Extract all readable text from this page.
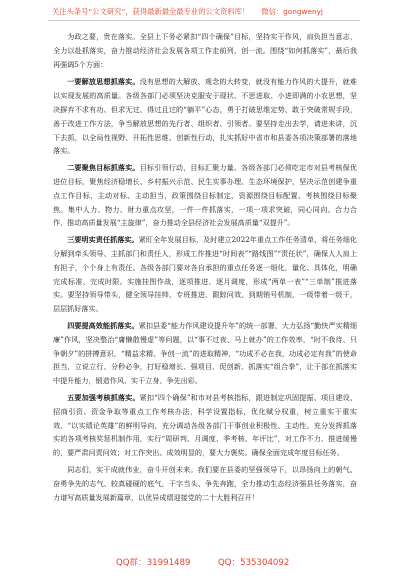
关注头条号“公文研究”，获得最新最全最专业的公文资料库！ 微信：gongwenyj

为政之要，贵在落实。全县上下务必紧扣“四个确保”目标，坚持实干作风，肩负担当意志，全力以赴抓落实，奋力推动经济社会发展各项工作走前列、创一流。围绕“如何抓落实”，最后我再强调5个方面：

一要解放思想抓落实。没有思想的大解放、观念的大转变，就没有能力作风的大提升，就难以实现发展的高质量。各级各部门必须坚决克服安于现状、不思进取、小进即满的小农思想，坚决摒弃不求有功、但求无过、得过且过的“躺平”心态，勇于打破思维定势、敢于突破常规手段，善于改进工作方法，争当解放思想的先行者、组织者、引领者。要坚持走出去学，请进来讲，沉下去抓，以全局性视野、开拓性思维、创新性行动，扎实抓好中省市和县委各项决策部署的落地落实。

二要聚焦目标抓落实。目标引领行动，目标汇聚力量。各级各部门必须吃定市对县考核保优进位目标，聚焦经济稳增长、乡村振兴示范、民生实事办理、生态环境保护，坚决示范创建争重点工作目标，主动对标、主动担当，政策围绕目标制定、资源围绕目标配置、考核围绕目标聚焦。集中人力、物力、财力重点攻坚，一件一件抓落实，一项一项求突破，同心同向、合力合作，推动高质量发展“主旋律”，奋力推动全县经济社会发展高质量“双提升”。

三要明实责任抓落实。紧盯全年发展目标，及时建立2022年重点工作任务清单，将任务细化分解到牵头领导、主抓部门和责任人，形成工作推进“时间表”“路线图”“责任状”，确保人人肩上有担子，个个身上有责任。各级各部门要对各自承担的重点任务逐一细化，量化、具体化，明确完成标准、完成时限。实施挂图作战，逐项推进、逐月调度，形成“两单一表”“三单制”推进落实。要坚持领导带头，健全领导挂帅、专班推进、跟踪问效、到期销号机制，一级带着一级干，层层抓好落实。

四要提高效能抓落实。紧扣县委“能力作风建设提升年”的统一部署，大力弘扬“勤快严实精细廉”作风，坚决整治“庸懒散慢虚”等问题，以“事不过夜、马上就办”的工作效率，“时不我待、只争朝夕”的拼搏意识，“精益求精、争创一流”的进取精神，“功成不必在我，功成必定有我”的使命担当，立说立行、分秒必争，打好稳增长、强项目、促创新、抓落实“组合拳”，让干部在抓落实中提升能力，锻造作风、实干立身、争先出彩。

五要加强考核抓落实。紧扣“四个确保”和市对县考核指标，跟进制定巩固提振、项目建设、招商引资、资金争取等重点工作考核办法，科学设置指标，优化赋分权重，树立重实干重实效、“以实绩论英雄”的鲜明导向，充分调动各级各部门干事创业积极性、主动性。充分发挥抓落实的各项考核奖惩机制作用，实行“周研判、月调度、季考核、年评比”，对工作不力、推进缓慢的，要严肃问责问效；对工作突出、成效明显的，要大力褒奖。确保全面完成年度目标任务。

同志们，实干成就伟业，奋斗开创未来。我们要在县委的坚强领导下，以昂扬向上的朝气、奋勇争先的志气、较真碰硬的底气，干字当头、争先奔跑，全力推动生态经济强县任务落实，奋力谱写高质量发展新篇章，以优异成绩迎接党的二十大胜利召开！

QQ群：31991489	QQ：535304092
